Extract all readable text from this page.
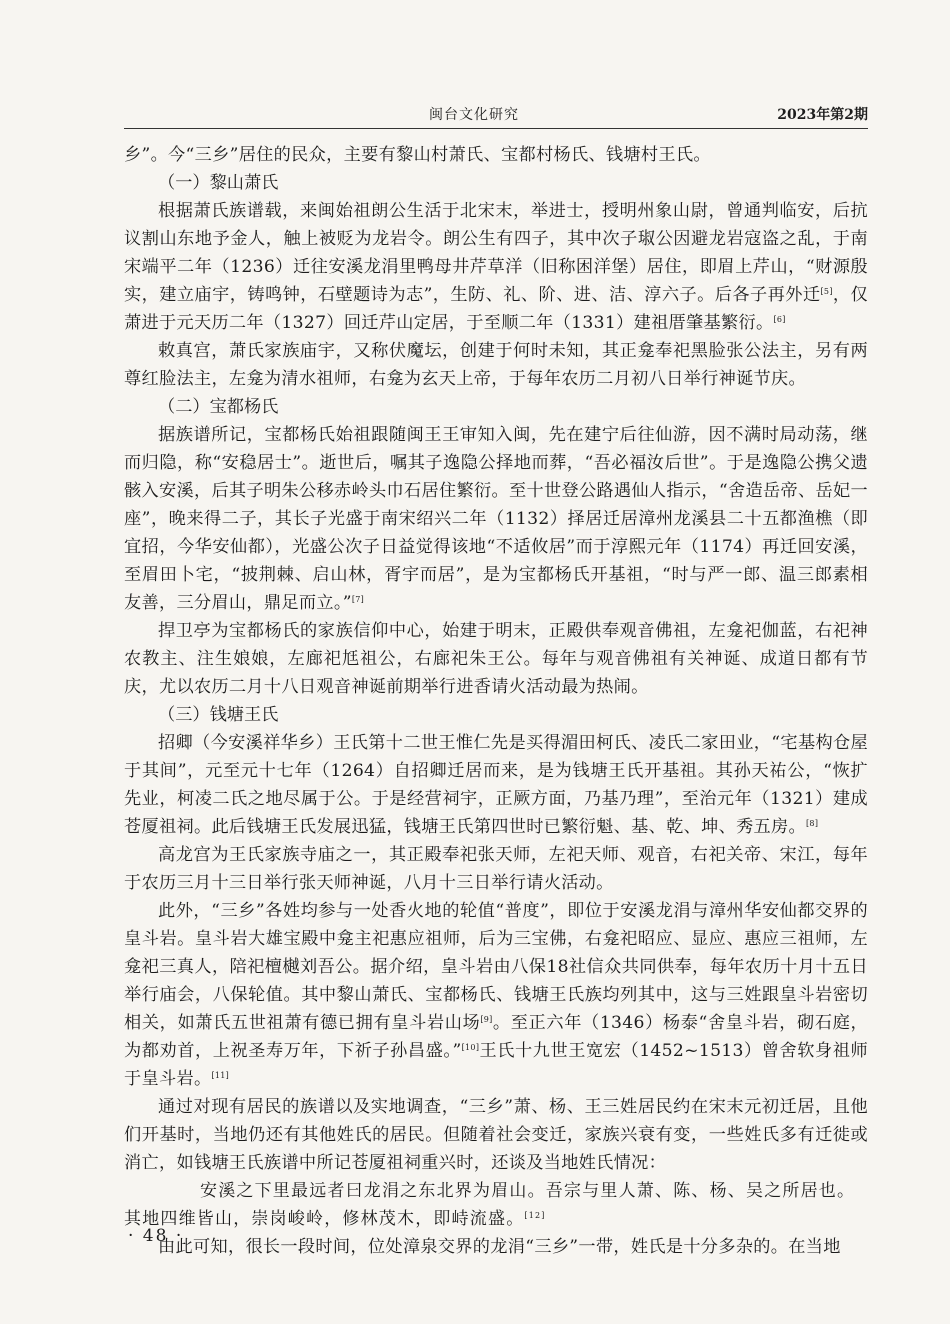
闽台文化研究	2023年第2期

乡”。今“三乡”居住的民众，主要有黎山村萧氏、宝都村杨氏、钱塘村王氏。

（一）黎山萧氏

根据萧氏族谱载，来闽始祖朗公生活于北宋末，举进士，授明州象山尉，曾通判临安，后抗议割山东地予金人，触上被贬为龙岩令。朗公生有四子，其中次子琡公因避龙岩寇盗之乱，于南宋端平二年（1236）迁往安溪龙涓里鸭母井芹草洋（旧称困洋堡）居住，即眉上芹山，“财源殷实，建立庙宇，铸鸣钟，石壁题诗为志”，生防、礼、阶、进、洁、淳六子。后各子再外迁[5]，仅萧进于元天历二年（1327）回迁芹山定居，于至顺二年（1331）建祖厝肇基繁衍。[6]

敕真宫，萧氏家族庙宇，又称伏魔坛，创建于何时未知，其正龛奉祀黑脸张公法主，另有两尊红脸法主，左龛为清水祖师，右龛为玄天上帝，于每年农历二月初八日举行神诞节庆。

（二）宝都杨氏

据族谱所记，宝都杨氏始祖跟随闽王王审知入闽，先在建宁后往仙游，因不满时局动荡，继而归隐，称“安稳居士”。逝世后，嘱其子逸隐公择地而葬，“吾必福汝后世”。于是逸隐公携父遗骸入安溪，后其子明朱公移赤岭头巾石居住繁衍。至十世登公路遇仙人指示，“舍造岳帝、岳妃一座”，晚来得二子，其长子光盛于南宋绍兴二年（1132）择居迁居漳州龙溪县二十五都渔樵（即宜招，今华安仙都），光盛公次子日益觉得该地“不适攸居”而于淳熙元年（1174）再迁回安溪，至眉田卜宅，“披荆棘、启山林，胥宇而居”，是为宝都杨氏开基祖，“时与严一郎、温三郎素相友善，三分眉山，鼎足而立。”[7]

捍卫亭为宝都杨氏的家族信仰中心，始建于明末，正殿供奉观音佛祖，左龛祀伽蓝，右祀神农教主、注生娘娘，左廊祀尪祖公，右廊祀朱王公。每年与观音佛祖有关神诞、成道日都有节庆，尤以农历二月十八日观音神诞前期举行进香请火活动最为热闹。

（三）钱塘王氏

招卿（今安溪祥华乡）王氏第十二世王惟仁先是买得湄田柯氏、凌氏二家田业，“宅基构仓屋于其间”，元至元十七年（1264）自招卿迁居而来，是为钱塘王氏开基祖。其孙天祐公，“恢扩先业，柯凌二氏之地尽属于公。于是经营祠宇，正厥方面，乃基乃理”，至治元年（1321）建成苍厦祖祠。此后钱塘王氏发展迅猛，钱塘王氏第四世时已繁衍魁、基、乾、坤、秀五房。[8]

高龙宫为王氏家族寺庙之一，其正殿奉祀张天师，左祀天师、观音，右祀关帝、宋江，每年于农历三月十三日举行张天师神诞，八月十三日举行请火活动。

此外，“三乡”各姓均参与一处香火地的轮值“普度”，即位于安溪龙涓与漳州华安仙都交界的皇斗岩。皇斗岩大雄宝殿中龛主祀惠应祖师，后为三宝佛，右龛祀昭应、显应、惠应三祖师，左龛祀三真人，陪祀檀樾刘吾公。据介绍，皇斗岩由八保18社信众共同供奉，每年农历十月十五日举行庙会，八保轮值。其中黎山萧氏、宝都杨氏、钱塘王氏族均列其中，这与三姓跟皇斗岩密切相关，如萧氏五世祖萧有德已拥有皇斗岩山场[9]。至正六年（1346）杨泰“舍皇斗岩，砌石庭，为都劝首，上祝圣寿万年，下祈子孙昌盛。”[10]王氏十九世王宽宏（1452~1513）曾舍软身祖师于皇斗岩。[11]

通过对现有居民的族谱以及实地调查，“三乡”萧、杨、王三姓居民约在宋末元初迁居，且他们开基时，当地仍还有其他姓氏的居民。但随着社会变迁，家族兴衰有变，一些姓氏多有迁徙或消亡，如钱塘王氏族谱中所记苍厦祖祠重兴时，还谈及当地姓氏情况：

安溪之下里最远者曰龙涓之东北界为眉山。吾宗与里人萧、陈、杨、吴之所居也。其地四维皆山，崇岗峻岭，修林茂木，即峙流盛。[12]

由此可知，很长一段时间，位处漳泉交界的龙涓“三乡”一带，姓氏是十分多杂的。在当地

· 48 ·
